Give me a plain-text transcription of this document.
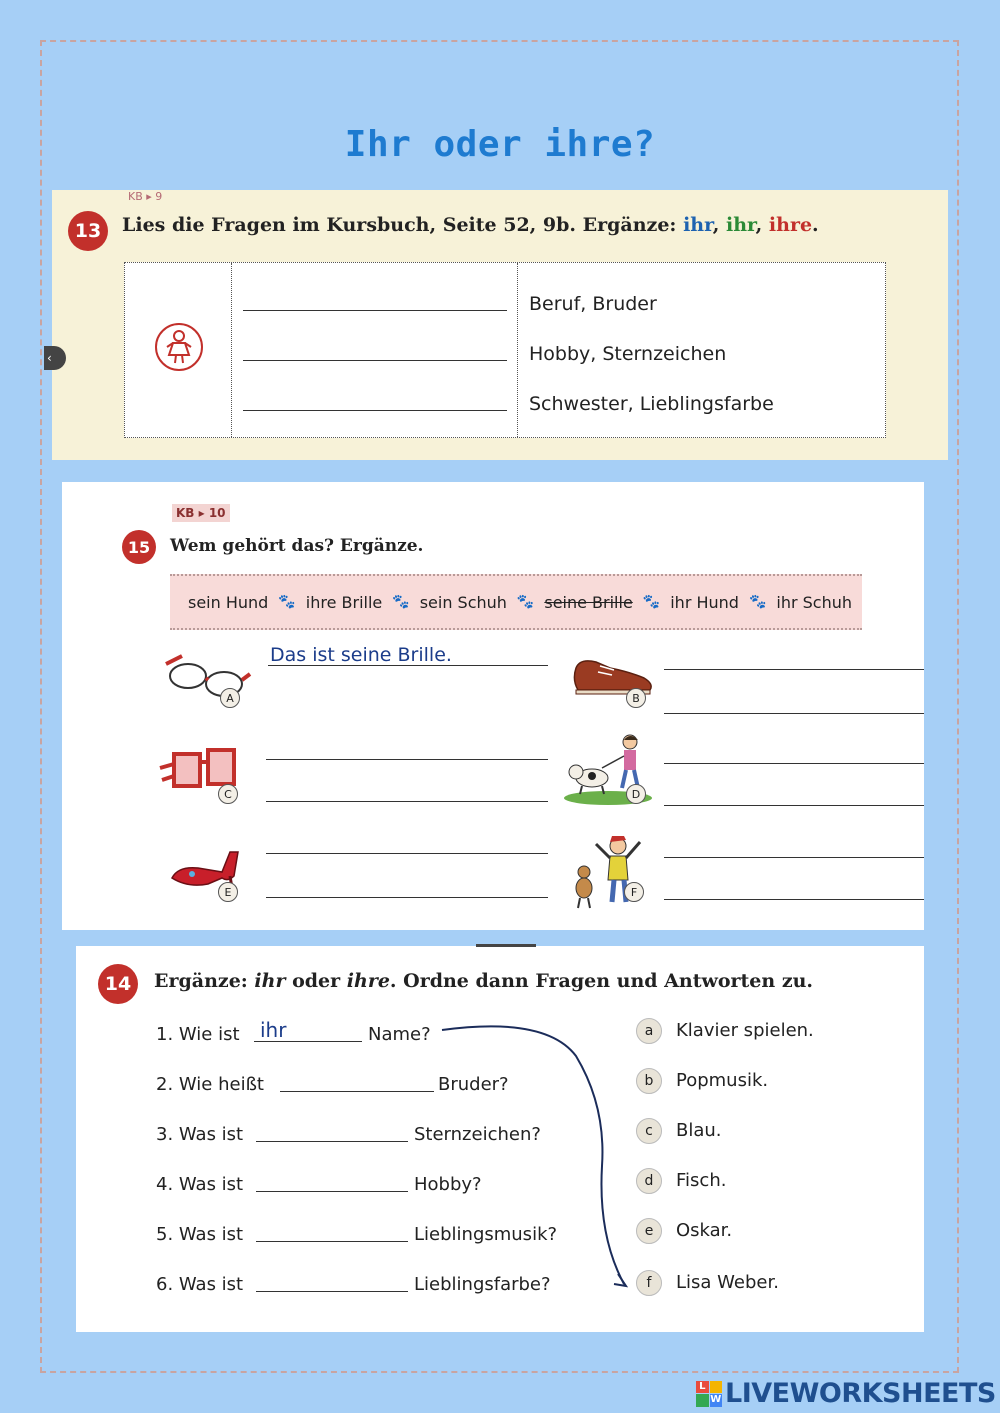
Ihr oder ihre?
KB ▸ 9
13	Lies die Fragen im Kursbuch, Seite 52, 9b. Ergänze: ihr, ihr, ihre.
Beruf, Bruder
Hobby, Sternzeichen
Schwester, Lieblingsfarbe
‹
KB ▸ 10
15	Wem gehört das? Ergänze.
sein Hund 🐾 ihre Brille 🐾 sein Schuh 🐾 seine Brille 🐾 ihr Hund 🐾 ihr Schuh
A
Das ist seine Brille.
B
C	D
E	F
14	Ergänze: ihr oder ihre. Ordne dann Fragen und Antworten zu.
1. Wie ist ihr	Name?
2. Wie heißt	Bruder?
3. Was ist	Sternzeichen?
4. Was ist	Hobby?
5. Was ist	Lieblingsmusik?
6. Was ist	Lieblingsfarbe?
a	Klavier spielen.
b	Popmusik.
c	Blau.
d	Fisch.
e	Oskar.
f	Lisa Weber.
L
W LIVEWORKSHEETS
